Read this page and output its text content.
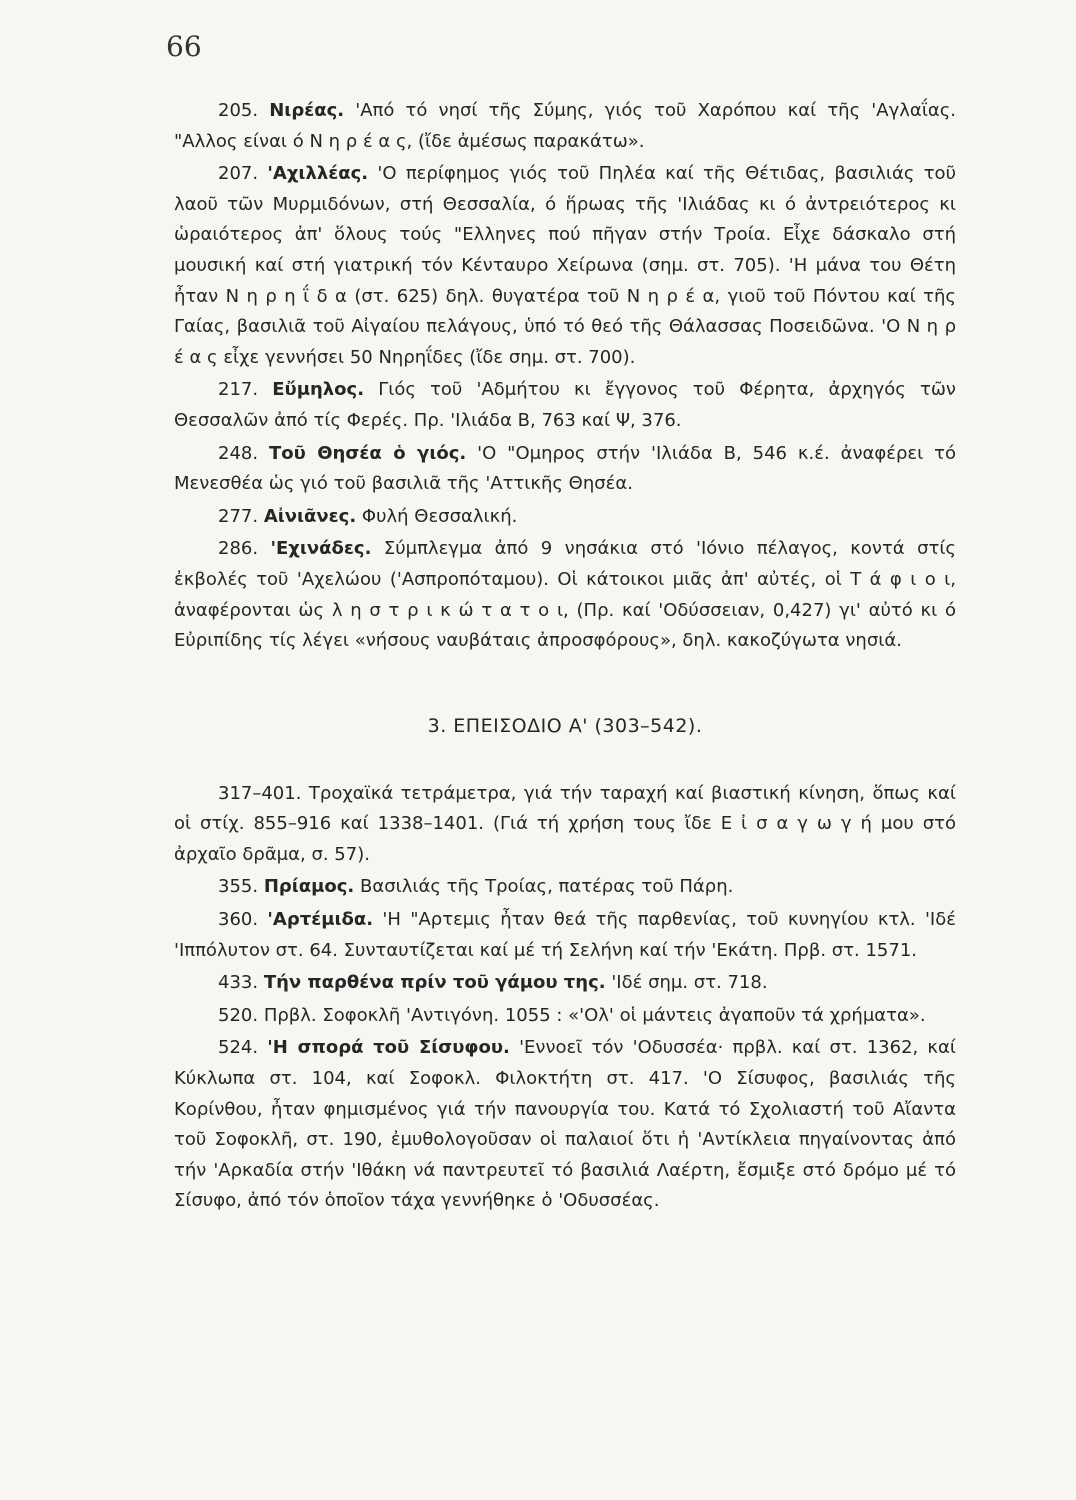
66

205. Νιρέας. 'Από τό νησί τῆς Σύμης, γιός τοῦ Χαρόπου καί τῆς 'Αγλαΐας. "Αλλος είναι ό Ν η ρ έ α ς, (ἴδε ἀμέσως παρακάτω».

207. 'Αχιλλέας. 'Ο περίφημος γιός τοῦ Πηλέα καί τῆς Θέτιδας, βασιλιάς τοῦ λαοῦ τῶν Μυρμιδόνων, στή Θεσσαλία, ό ἥρωας τῆς 'Ιλιάδας κι ό ἀντρειότερος κι ὡραιότερος ἀπ' ὅλους τούς "Ελληνες πού πῆγαν στήν Τροία. Εἶχε δάσκαλο στή μουσική καί στή γιατρική τόν Κένταυρο Χείρωνα (σημ. στ. 705). 'Η μάνα του Θέτη ἦταν Ν η ρ η ΐ δ α (στ. 625) δηλ. θυγατέρα τοῦ Ν η ρ έ α, γιοῦ τοῦ Πόντου καί τῆς Γαίας, βασιλιᾶ τοῦ Αἰγαίου πελάγους, ὑπό τό θεό τῆς Θάλασσας Ποσειδῶνα. 'Ο Ν η ρ έ α ς εἶχε γεννήσει 50 Νηρηΐδες (ἴδε σημ. στ. 700).

217. Εὔμηλος. Γιός τοῦ 'Αδμήτου κι ἔγγονος τοῦ Φέρητα, ἀρχηγός τῶν Θεσσαλῶν ἀπό τίς Φερές. Πρ. 'Ιλιάδα Β, 763 καί Ψ, 376.

248. Τοῦ Θησέα ὁ γιός. 'Ο "Ομηρος στήν 'Ιλιάδα Β, 546 κ.έ. ἀναφέρει τό Μενεσθέα ὡς γιό τοῦ βασιλιᾶ τῆς 'Αττικῆς Θησέα.

277. Αἰνιᾶνες. Φυλή Θεσσαλική.

286. 'Εχινάδες. Σύμπλεγμα ἀπό 9 νησάκια στό 'Ιόνιο πέλαγος, κοντά στίς ἐκβολές τοῦ 'Αχελώου ('Ασπροπόταμου). Οἱ κάτοικοι μιᾶς ἀπ' αὐτές, οἱ Τ ά φ ι ο ι, ἀναφέρονται ὡς λ η σ τ ρ ι κ ώ τ α τ ο ι, (Πρ. καί 'Οδύσσειαν, 0,427) γι' αὐτό κι ό Εὐριπίδης τίς λέγει «νήσους ναυβάταις ἀπροσφόρους», δηλ. κακοζύγωτα νησιά.

3. ΕΠΕΙΣΟΔΙΟ Α' (303–542).

317–401. Τροχαϊκά τετράμετρα, γιά τήν ταραχή καί βιαστική κίνηση, ὅπως καί οἱ στίχ. 855–916 καί 1338–1401. (Γιά τή χρήση τους ἴδε Ε ἰ σ α γ ω γ ή μου στό ἀρχαῖο δρᾶμα, σ. 57).

355. Πρίαμος. Βασιλιάς τῆς Τροίας, πατέρας τοῦ Πάρη.

360. 'Αρτέμιδα. 'Η "Αρτεμις ἦταν θεά τῆς παρθενίας, τοῦ κυνηγίου κτλ. 'Ιδέ 'Ιππόλυτον στ. 64. Συνταυτίζεται καί μέ τή Σελήνη καί τήν 'Εκάτη. Πρβ. στ. 1571.

433. Τήν παρθένα πρίν τοῦ γάμου της. 'Ιδέ σημ. στ. 718.

520. Πρβλ. Σοφοκλῆ 'Αντιγόνη. 1055 : «'Ολ' οἱ μάντεις ἀγαποῦν τά χρήματα».

524. 'Η σπορά τοῦ Σίσυφου. 'Εννοεῖ τόν 'Οδυσσέα· πρβλ. καί στ. 1362, καί Κύκλωπα στ. 104, καί Σοφοκλ. Φιλοκτήτη στ. 417. 'Ο Σίσυφος, βασιλιάς τῆς Κορίνθου, ἦταν φημισμένος γιά τήν πανουργία του. Κατά τό Σχολιαστή τοῦ Αἴαντα τοῦ Σοφοκλῆ, στ. 190, ἐμυθολογοῦσαν οἱ παλαιοί ὅτι ἡ 'Αντίκλεια πηγαίνοντας ἀπό τήν 'Αρκαδία στήν 'Ιθάκη νά παντρευτεῖ τό βασιλιά Λαέρτη, ἔσμιξε στό δρόμο μέ τό Σίσυφο, ἀπό τόν ὁποῖον τάχα γεννήθηκε ὁ 'Οδυσσέας.
